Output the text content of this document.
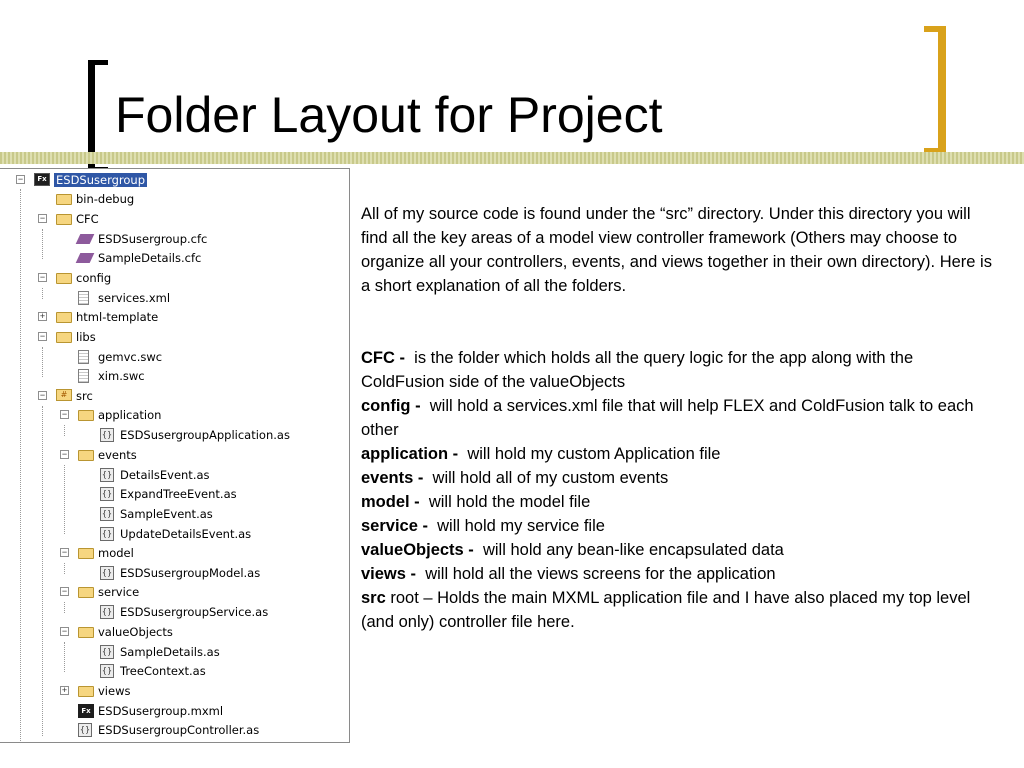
Folder Layout for Project
−
−
−
+
−
−
−
−
−
−
−
+
Fx ESDSusergroup
bin-debug
CFC
ESDSusergroup.cfc
SampleDetails.cfc
config
services.xml
html-template
libs
gemvc.swc
xim.swc
# src
application
{} ESDSusergroupApplication.as
events
{} DetailsEvent.as
{} ExpandTreeEvent.as
{} SampleEvent.as
{} UpdateDetailsEvent.as
model
{} ESDSusergroupModel.as
service
{} ESDSusergroupService.as
valueObjects
{} SampleDetails.as
{} TreeContext.as
views
Fx ESDSusergroup.mxml
{} ESDSusergroupController.as

All of my source code is found under the “src” directory. Under this directory you will find all the key areas of a model view controller framework (Others may choose to organize all your controllers, events, and views together in their own directory). Here is a short explanation of all the folders.

CFC -  is the folder which holds all the query logic for the app along with the ColdFusion side of the valueObjects

config -  will hold a services.xml file that will help FLEX and ColdFusion talk to each other

application -  will hold my custom Application file

events -  will hold all of my custom events

model -  will hold the model file

service -  will hold my service file

valueObjects -  will hold any bean-like encapsulated data

views -  will hold all the views screens for the application

src root – Holds the main MXML application file and I have also placed my top level (and only) controller file here.
